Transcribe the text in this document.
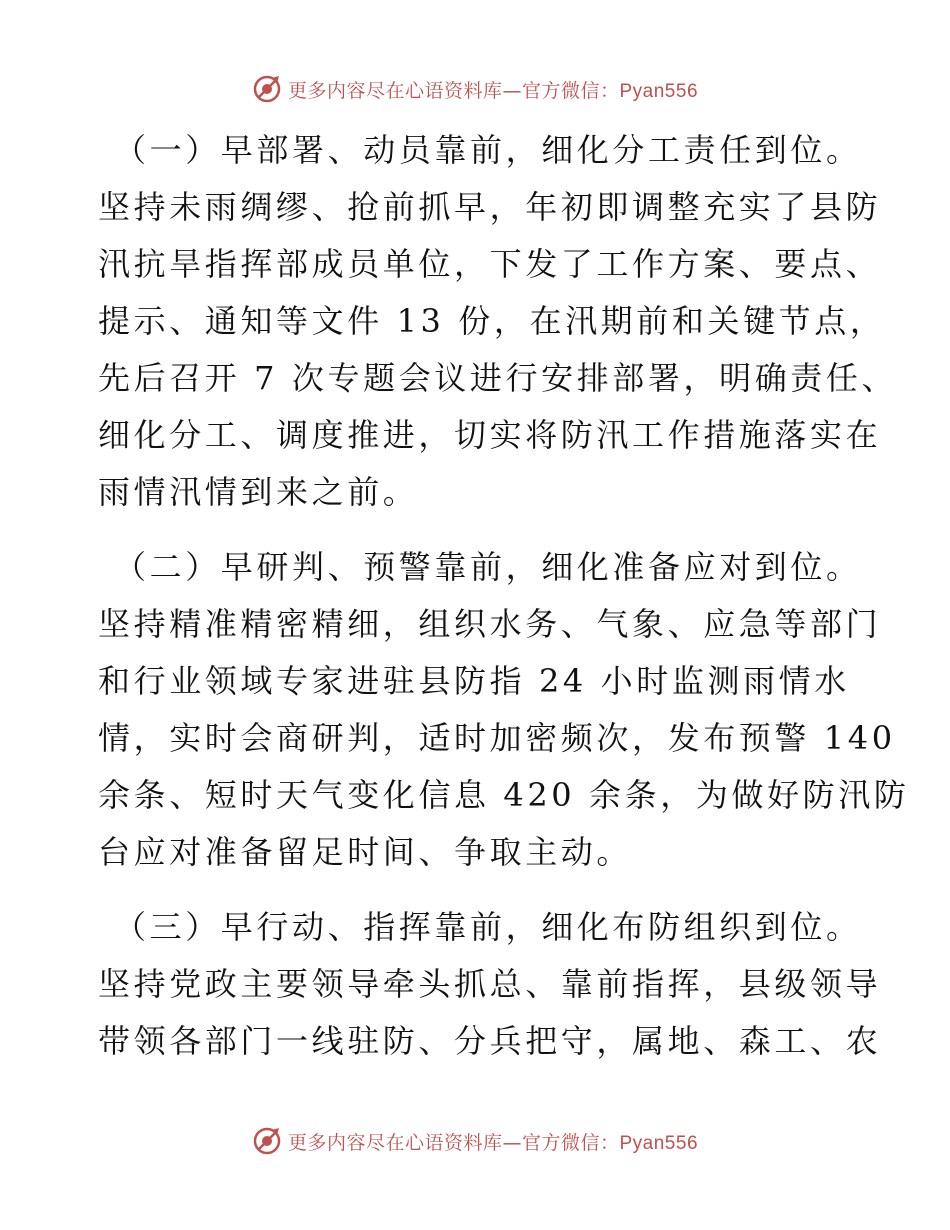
更多内容尽在心语资料库—官方微信：Pyan556
（一）早部署、动员靠前，细化分工责任到位。
坚持未雨绸缪、抢前抓早，年初即调整充实了县防
汛抗旱指挥部成员单位，下发了工作方案、要点、
提示、通知等文件 13 份，在汛期前和关键节点，
先后召开 7 次专题会议进行安排部署，明确责任、
细化分工、调度推进，切实将防汛工作措施落实在
雨情汛情到来之前。
（二）早研判、预警靠前，细化准备应对到位。
坚持精准精密精细，组织水务、气象、应急等部门
和行业领域专家进驻县防指 24 小时监测雨情水
情，实时会商研判，适时加密频次，发布预警 140
余条、短时天气变化信息 420 余条，为做好防汛防
台应对准备留足时间、争取主动。
（三）早行动、指挥靠前，细化布防组织到位。
坚持党政主要领导牵头抓总、靠前指挥，县级领导
带领各部门一线驻防、分兵把守，属地、森工、农
更多内容尽在心语资料库—官方微信：Pyan556
